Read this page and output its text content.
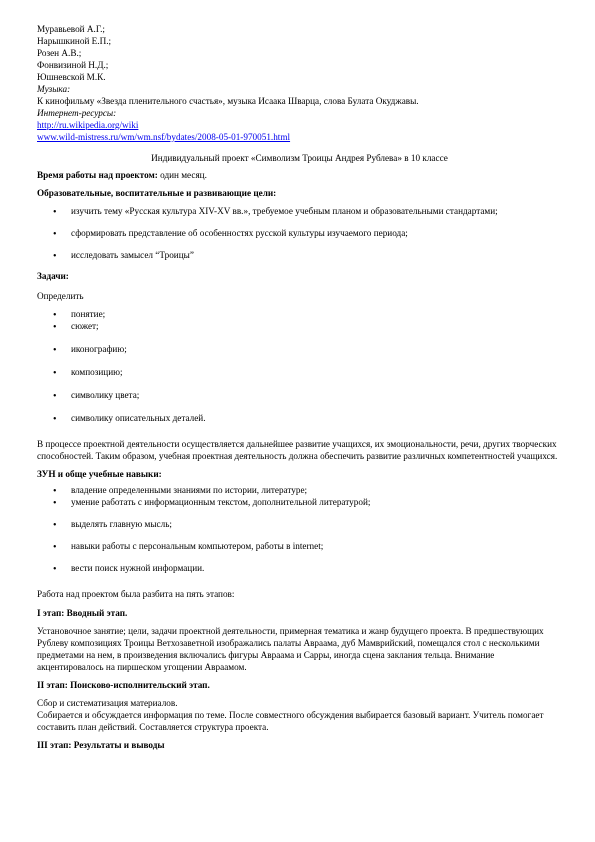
Муравьевой А.Г.;
Нарышкиной Е.П.;
Розен А.В.;
Фонвизиной Н.Д.;
Юшневской М.К.
Музыка:
К кинофильму «Звезда пленительного счастья», музыка Исаака Шварца, слова Булата Окуджавы.
Интернет-ресурсы:
http://ru.wikipedia.org/wiki
www.wild-mistress.ru/wm/wm.nsf/bydates/2008-05-01-970051.html
Индивидуальный проект «Символизм Троицы Андрея Рублева» в 10 классе
Время работы над проектом: один месяц.
Образовательные, воспитательные и развивающие цели:
• изучить тему «Русская культура XIV-XV вв.», требуемое учебным планом и образовательными стандартами;
• сформировать представление об особенностях русской культуры изучаемого периода;
• исследовать замысел “Троицы”
Задачи:
Определить
• понятие;
• сюжет;
• иконографию;
• композицию;
• символику цвета;
• символику описательных деталей.
В процессе проектной деятельности осуществляется дальнейшее развитие учащихся, их эмоциональности, речи, других творческих способностей. Таким образом, учебная проектная деятельность должна обеспечить развитие различных компетентностей учащихся.
ЗУН и обще учебные навыки:
• владение определенными знаниями по истории, литературе;
• умение работать с информационным текстом, дополнительной литературой;
• выделять главную мысль;
• навыки работы с персональным компьютером, работы в internet;
• вести поиск нужной информации.
Работа над проектом была разбита на пять этапов:
I этап: Вводный этап.
Установочное занятие; цели, задачи проектной деятельности, примерная тематика и жанр будущего проекта. В предшествующих Рублеву композициях Троицы Ветхозаветной изображались палаты Авраама, дуб Мамврийский, помещался стол с несколькими предметами на нем, в произведения включались фигуры Авраама и Сарры, иногда сцена заклания тельца. Внимание акцентировалось на пиршеском угощении Авраамом.
II этап: Поисково-исполнительский этап.
Сбор и систематизация материалов.
Собирается и обсуждается информация по теме. После совместного обсуждения выбирается базовый вариант. Учитель помогает составить план действий. Составляется структура проекта.
III этап: Результаты и выводы
